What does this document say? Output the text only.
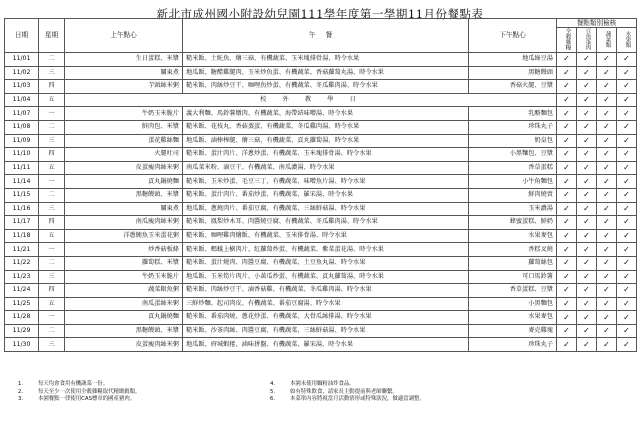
新北市成州國小附設幼兒園111學年度第一學期11月份餐點表
日期	星期	上午點心	午餐	下午點心	餐點類別檢核			
					全穀雜糧	豆魚蛋肉	蔬菜類	水果類
11/01	二	生日蛋糕、米漿	糙米飯、土魠魚、燴三菇、有機蔬菜、玉米塊排骨湯、時令水果	地瓜綠豆湯	✓	✓	✓	✓
11/02	三	關東煮	地瓜飯、糖醋雞腿肉、玉米炒魚蛋、有機蔬菜、香菇蘿蔔丸湯、時令水果	黑糖饅頭	✓	✓	✓	✓
11/03	四	芋頭絲米粥	糙米飯、肉絲炒豆干、咖哩魚炒蛋、有機蔬菜、冬瓜雞肉湯、時令水果	香菇火腿、豆漿	✓	✓	✓	✓
11/04	五	校　外　教　學　日			✓	✓	✓	✓
11/07	一	牛奶玉米脆片	義大利麵、馬鈴薯燉肉、有機蔬菜、海帶結味噌湯、時令水果	乳酪麵包	✓	✓	✓	✓
11/08	二	鮮肉包、米漿	糙米飯、花枝丸、香菇蒸蛋、有機蔬菜、冬瓜雞肉湯、時令水果	珍珠丸子	✓	✓	✓	✓
11/09	三	蛋花雞絲麵	地瓜飯、滷棒棒腿、燴三菇、有機蔬菜、貢丸蘿蔔湯、時令水果	奶皇包	✓	✓	✓	✓
11/10	四	火腿吐司	糙米飯、蛋汁肉片、洋蔥炒蛋、有機蔬菜、玉米塊排骨湯、時令水果	小黑麵包、豆漿	✓	✓	✓	✓
11/11	五	皮蛋瘦肉絲米粥	南瓜菜米粉、滷豆干、有機蔬菜、南瓜濃湯、時令水果	香草蛋糕	✓	✓	✓	✓
11/14	一	貢丸鍋燒麵	糙米飯、玉米炒蛋、毛豆三丁、有機蔬菜、味噌魚片湯、時令水果	小牛角麵包	✓	✓	✓	✓
11/15	二	黑糖饅頭、米漿	糙米飯、蛋汁肉片、番茄炒蛋、有機蔬菜、羅宋湯、時令水果	鮮肉燒賣	✓	✓	✓	✓
11/16	三	關東煮	地瓜飯、蔥燒肉片、番茄豆腐、有機蔬菜、三絲鮮菇湯、時令水果	玉米濃湯	✓	✓	✓	✓
11/17	四	南瓜瘦肉絲米粥	糙米飯、鳳梨炒木耳、肉醬燒豆腐、有機蔬菜、冬瓜雞肉湯、時令水果	蜂蜜蛋糕、鮮奶	✓	✓	✓	✓
11/18	五	洋蔥鮪魚玉米蛋花粥	糙米飯、咖哩雞肉燴飯、有機蔬菜、玉米排骨湯、時令水果	水果麥包	✓	✓	✓	✓
11/21	一	炒香菇板條	糙米飯、螞蟻上樹肉片、紅蘿蔔炒蛋、有機蔬菜、紫菜蛋花湯、時令水果	香糕叉燒	✓	✓	✓	✓
11/22	二	蘿蔔糕、米漿	糙米飯、蛋汁燒肉、肉醬豆腐、有機蔬菜、土豆魚丸湯、時令水果	蘿蔔絲包	✓	✓	✓	✓
11/23	三	牛奶玉米脆片	地瓜飯、玉米筍片肉片、小黃瓜炒蛋、有機蔬菜、貢丸蘿蔔湯、時令水果	可口馬鈴薯	✓	✓	✓	✓
11/24	四	蔬菜銀魚粥	糙米飯、肉絲炒豆干、滷香菇雞、有機蔬菜、冬瓜雞肉湯、時令水果	香草蛋糕、豆漿	✓	✓	✓	✓
11/25	五	南瓜蛋絲米粥	三鮮炒麵、起司肉皮、有機蔬菜、番茄豆腐湯、時令水果	小黑麵包	✓	✓	✓	✓
11/28	一	貢丸鍋燒麵	糙米飯、番茄肉燒、蔥花炒蛋、有機蔬菜、大骨瓜絲排湯、時令水果	水果麥包	✓	✓	✓	✓
11/29	二	黑糖饅頭、米漿	糙米飯、沙茶肉絲、肉醬豆腐、有機蔬菜、三絲鮮菇湯、時令水果	麥克雞塊	✓	✓	✓	✓
11/30	三	皮蛋瘦肉絲米粥	地瓜飯、府城蝦捲、滷味拼盤、有機蔬菜、羅宋湯、時令水果	珍珠丸子	✓	✓	✓	✓
1.	每天均會食用有機蔬菜一份。
2.	每天至少一次使用全穀雜糧取代精緻穀類。
3.	本園餐點一律使用CAS標章的國產豬肉。
4.	本園未使用麵粉油炸食品。
5.	如有特殊飲食，請家長主動提前與老師聯繫。
6.	本菜單內容將視當月活動情形或特殊狀況，做適當調整。
